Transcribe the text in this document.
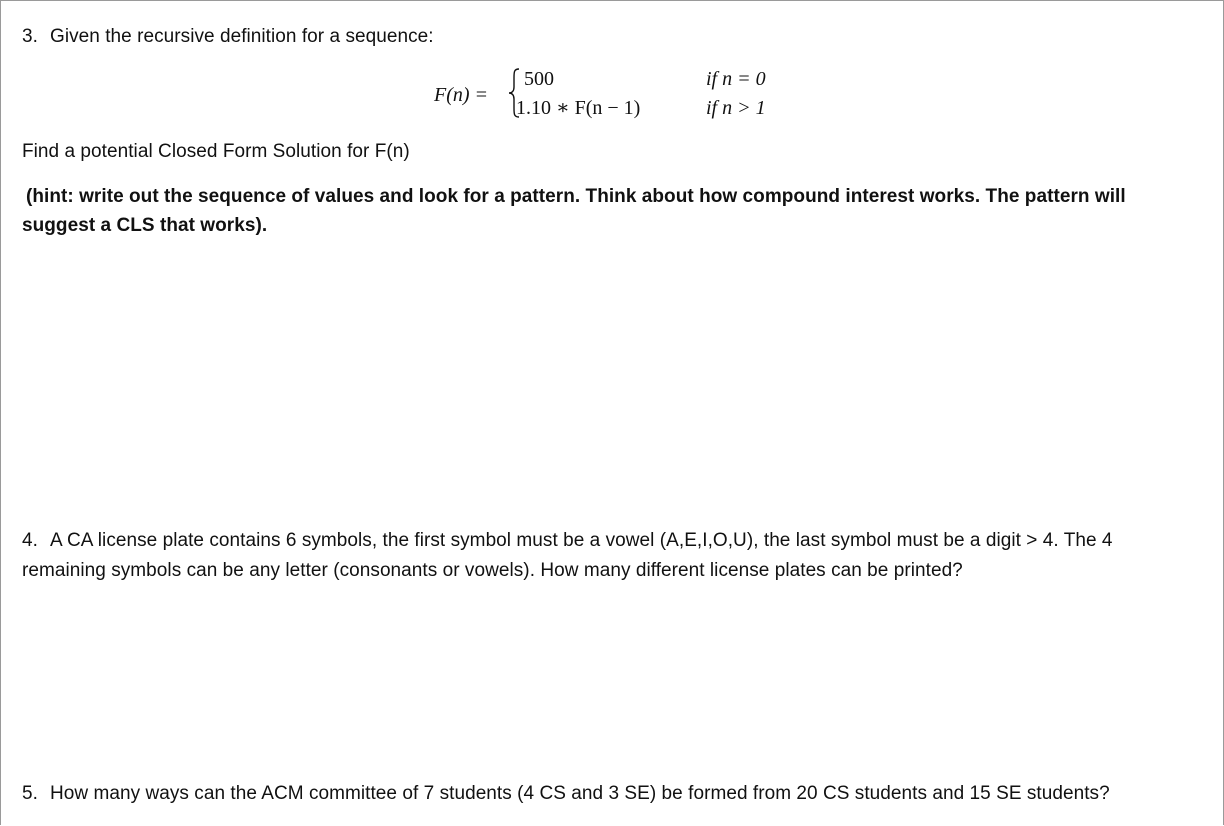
3. Given the recursive definition for a sequence:
F(n) =
500	if n = 0
1.10 ∗ F(n − 1)	if n > 1
Find a potential Closed Form Solution for F(n)
(hint: write out the sequence of values and look for a pattern. Think about how compound interest works. The pattern will
suggest a CLS that works).
4. A CA license plate contains 6 symbols, the first symbol must be a vowel (A,E,I,O,U), the last symbol must be a digit > 4. The 4
remaining symbols can be any letter (consonants or vowels). How many different license plates can be printed?
5. How many ways can the ACM committee of 7 students (4 CS and 3 SE) be formed from 20 CS students and 15 SE students?
